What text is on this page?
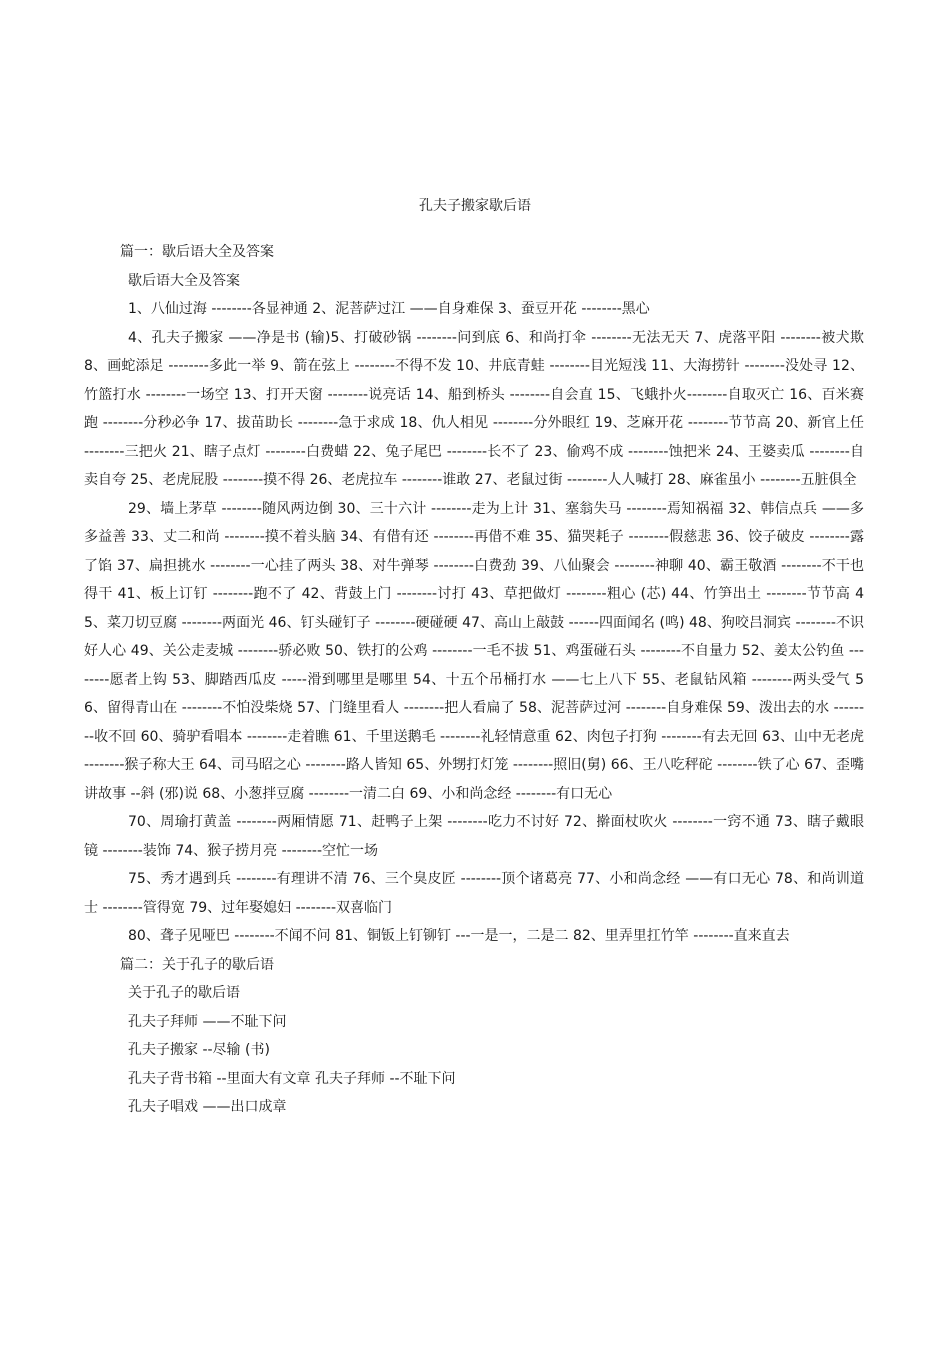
孔夫子搬家歇后语
篇一：歇后语大全及答案
歇后语大全及答案
1、八仙过海 --------各显神通 2、泥菩萨过江 ——自身难保 3、蚕豆开花 --------黑心
4、孔夫子搬家 ——净是书 (输)5、打破砂锅 --------问到底 6、和尚打伞 --------无法无天 7、虎落平阳 --------被犬欺 8、画蛇添足 --------多此一举 9、箭在弦上 --------不得不发 10、井底青蛙 --------目光短浅 11、大海捞针 --------没处寻 12、竹篮打水 --------一场空 13、打开天窗 --------说亮话 14、船到桥头 --------自会直 15、飞蛾扑火--------自取灭亡 16、百米赛跑 --------分秒必争 17、拔苗助长 --------急于求成 18、仇人相见 --------分外眼红 19、芝麻开花 --------节节高 20、新官上任 --------三把火 21、瞎子点灯 --------白费蜡 22、兔子尾巴 --------长不了 23、偷鸡不成 --------蚀把米 24、王婆卖瓜 --------自卖自夸 25、老虎屁股 --------摸不得 26、老虎拉车 --------谁敢 27、老鼠过街 --------人人喊打 28、麻雀虽小 --------五脏俱全
29、墙上茅草 --------随风两边倒 30、三十六计 --------走为上计 31、塞翁失马 --------焉知祸福 32、韩信点兵 ——多多益善 33、丈二和尚 --------摸不着头脑 34、有借有还 --------再借不难 35、猫哭耗子 --------假慈悲 36、饺子破皮 --------露了馅 37、扁担挑水 --------一心挂了两头 38、对牛弹琴 --------白费劲 39、八仙聚会 --------神聊 40、霸王敬酒 --------不干也得干 41、板上订钉 --------跑不了 42、背鼓上门 --------讨打 43、草把做灯 --------粗心 (芯) 44、竹笋出土 --------节节高 45、菜刀切豆腐 --------两面光 46、钉头碰钉子 --------硬碰硬 47、高山上敲鼓 ------四面闻名 (鸣) 48、狗咬吕洞宾 --------不识好人心 49、关公走麦城 --------骄必败 50、铁打的公鸡 --------一毛不拔 51、鸡蛋碰石头 --------不自量力 52、姜太公钓鱼 --------愿者上钩 53、脚踏西瓜皮 -----滑到哪里是哪里 54、十五个吊桶打水 ——七上八下 55、老鼠钻风箱 --------两头受气 56、留得青山在 --------不怕没柴烧 57、门缝里看人 --------把人看扁了 58、泥菩萨过河 --------自身难保 59、泼出去的水 --------收不回 60、骑驴看唱本 --------走着瞧 61、千里送鹅毛 --------礼轻情意重 62、肉包子打狗 --------有去无回 63、山中无老虎 --------猴子称大王 64、司马昭之心 --------路人皆知 65、外甥打灯笼 --------照旧(舅) 66、王八吃秤砣 --------铁了心 67、歪嘴讲故事 --斜 (邪)说 68、小葱拌豆腐 --------一清二白 69、小和尚念经 --------有口无心
70、周瑜打黄盖 --------两厢情愿 71、赶鸭子上架 --------吃力不讨好 72、擀面杖吹火 --------一窍不通 73、瞎子戴眼镜 --------装饰 74、猴子捞月亮 --------空忙一场
75、秀才遇到兵 --------有理讲不清 76、三个臭皮匠 --------顶个诸葛亮 77、小和尚念经 ——有口无心 78、和尚训道士 --------管得宽 79、过年娶媳妇 --------双喜临门
80、聋子见哑巴 --------不闻不问 81、铜钣上钉铆钉 ---一是一，二是二 82、里弄里扛竹竿 --------直来直去
篇二：关于孔子的歇后语
关于孔子的歇后语
孔夫子拜师 ——不耻下问
孔夫子搬家 --尽输 (书)
孔夫子背书箱 --里面大有文章 孔夫子拜师 --不耻下问
孔夫子唱戏 ——出口成章
